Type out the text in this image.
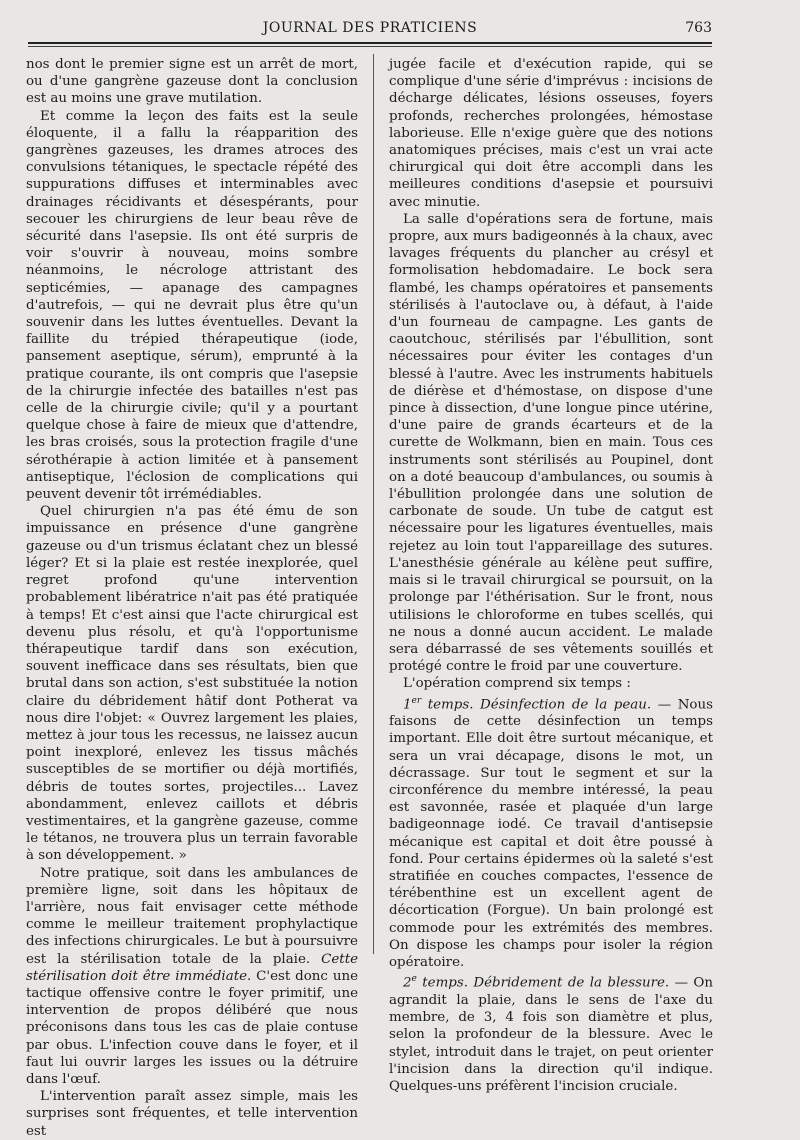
JOURNAL DES PRATICIENS	763

nos dont le premier signe est un arrêt de mort, ou d'une gangrène gazeuse dont la conclusion est au moins une grave mutilation.

Et comme la leçon des faits est la seule éloquente, il a fallu la réapparition des gangrènes gazeuses, les drames atroces des convulsions tétaniques, le spectacle répété des suppurations diffuses et interminables avec drainages récidivants et désespérants, pour secouer les chirurgiens de leur beau rêve de sécurité dans l'asepsie. Ils ont été surpris de voir s'ouvrir à nouveau, moins sombre néanmoins, le nécrologe attristant des septicémies, — apanage des campagnes d'autrefois, — qui ne devrait plus être qu'un souvenir dans les luttes éventuelles. Devant la faillite du trépied thérapeutique (iode, pansement aseptique, sérum), emprunté à la pratique courante, ils ont compris que l'asepsie de la chirurgie infectée des batailles n'est pas celle de la chirurgie civile; qu'il y a pourtant quelque chose à faire de mieux que d'attendre, les bras croisés, sous la protection fragile d'une sérothérapie à action limitée et à pansement antiseptique, l'éclosion de complications qui peuvent devenir tôt irrémédiables.

Quel chirurgien n'a pas été ému de son impuissance en présence d'une gangrène gazeuse ou d'un trismus éclatant chez un blessé léger? Et si la plaie est restée inexplorée, quel regret profond qu'une intervention probablement libératrice n'ait pas été pratiquée à temps! Et c'est ainsi que l'acte chirurgical est devenu plus résolu, et qu'à l'opportunisme thérapeutique tardif dans son exécution, souvent inefficace dans ses résultats, bien que brutal dans son action, s'est substituée la notion claire du débridement hâtif dont Potherat va nous dire l'objet: « Ouvrez largement les plaies, mettez à jour tous les recessus, ne laissez aucun point inexploré, enlevez les tissus mâchés susceptibles de se mortifier ou déjà mortifiés, débris de toutes sortes, projectiles... Lavez abondamment, enlevez caillots et débris vestimentaires, et la gangrène gazeuse, comme le tétanos, ne trouvera plus un terrain favorable à son développement. »

Notre pratique, soit dans les ambulances de première ligne, soit dans les hôpitaux de l'arrière, nous fait envisager cette méthode comme le meilleur traitement prophylactique des infections chirurgicales. Le but à poursuivre est la stérilisation totale de la plaie. Cette stérilisation doit être immédiate. C'est donc une tactique offensive contre le foyer primitif, une intervention de propos délibéré que nous préconisons dans tous les cas de plaie contuse par obus. L'infection couve dans le foyer, et il faut lui ouvrir larges les issues ou la détruire dans l'œuf.

L'intervention paraît assez simple, mais les surprises sont fréquentes, et telle intervention est

jugée facile et d'exécution rapide, qui se complique d'une série d'imprévus : incisions de décharge délicates, lésions osseuses, foyers profonds, recherches prolongées, hémostase laborieuse. Elle n'exige guère que des notions anatomiques précises, mais c'est un vrai acte chirurgical qui doit être accompli dans les meilleures conditions d'asepsie et poursuivi avec minutie.

La salle d'opérations sera de fortune, mais propre, aux murs badigeonnés à la chaux, avec lavages fréquents du plancher au crésyl et formolisation hebdomadaire. Le bock sera flambé, les champs opératoires et pansements stérilisés à l'autoclave ou, à défaut, à l'aide d'un fourneau de campagne. Les gants de caoutchouc, stérilisés par l'ébullition, sont nécessaires pour éviter les contages d'un blessé à l'autre. Avec les instruments habituels de diérèse et d'hémostase, on dispose d'une pince à dissection, d'une longue pince utérine, d'une paire de grands écarteurs et de la curette de Wolkmann, bien en main. Tous ces instruments sont stérilisés au Poupinel, dont on a doté beaucoup d'ambulances, ou soumis à l'ébullition prolongée dans une solution de carbonate de soude. Un tube de catgut est nécessaire pour les ligatures éventuelles, mais rejetez au loin tout l'appareillage des sutures. L'anesthésie générale au kélène peut suffire, mais si le travail chirurgical se poursuit, on la prolonge par l'éthérisation. Sur le front, nous utilisions le chloroforme en tubes scellés, qui ne nous a donné aucun accident. Le malade sera débarrassé de ses vêtements souillés et protégé contre le froid par une couverture.

L'opération comprend six temps :

1er temps. Désinfection de la peau. — Nous faisons de cette désinfection un temps important. Elle doit être surtout mécanique, et sera un vrai décapage, disons le mot, un décrassage. Sur tout le segment et sur la circonférence du membre intéressé, la peau est savonnée, rasée et plaquée d'un large badigeonnage iodé. Ce travail d'antisepsie mécanique est capital et doit être poussé à fond. Pour certains épidermes où la saleté s'est stratifiée en couches compactes, l'essence de térébenthine est un excellent agent de décortication (Forgue). Un bain prolongé est commode pour les extrémités des membres. On dispose les champs pour isoler la région opératoire.

2e temps. Débridement de la blessure. — On agrandit la plaie, dans le sens de l'axe du membre, de 3, 4 fois son diamètre et plus, selon la profondeur de la blessure. Avec le stylet, introduit dans le trajet, on peut orienter l'incision dans la direction qu'il indique. Quelques-uns préfèrent l'incision cruciale.
